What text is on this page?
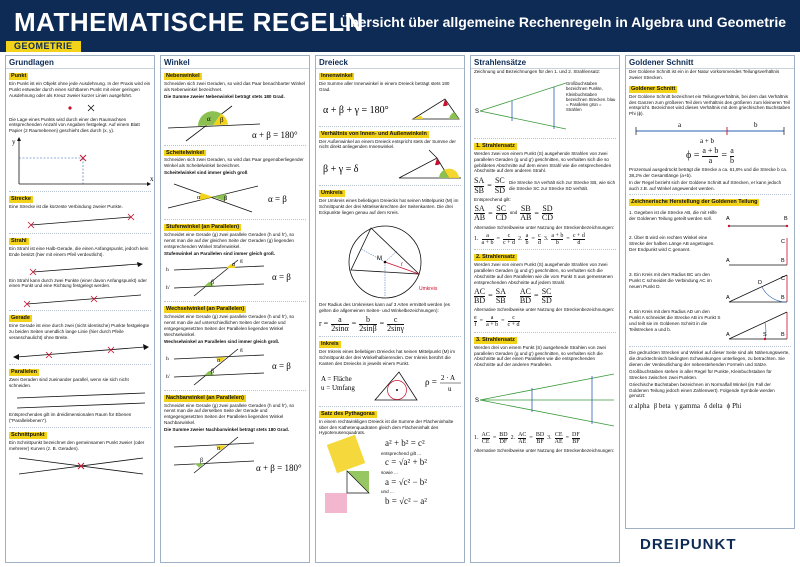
MATHEMATISCHE REGELN
Übersicht über allgemeine Rechenregeln in Algebra und Geometrie
GEOMETRIE
Grundlagen
Punkt

Ein Punkt ist ein Objekt ohne jede Ausdehnung. In der Praxis wird ein Punkt entweder durch einen sichtbaren Punkt mit einer geringen Ausdehnung oder als Kreuz zweier kurzer Linien ausgeführt.

Die Lage eines Punkts wird durch einer den Raumachsen entsprechenden Anzahl von Angaben festgelegt. Auf einem Blatt Papier (2 Raumebenen) geschieht dies durch (x, y).

x
y
Strecke

Eine Strecke ist die kürzeste Verbindung zweier Punkte.

Strahl

Ein Strahl ist eine Halb-Gerade, die einen Anfangspunkt, jedoch kein Ende besitzt (hier mit einem Pfeil verdeutlicht).

Ein Strahl kann durch zwei Punkte (einer davon Anfangspunkt) oder einen Punkt und eine Richtung festgelegt werden.

Gerade

Eine Gerade ist eine durch zwei (nicht identische) Punkte festgelegte zu beiden Seiten unendlich lange Linie (hier durch Pfeile veranschaulicht) ohne Breite.

Parallelen

Zwei Geraden sind zueinander parallel, wenn sie sich nicht schneiden.

Entsprechendes gilt im dreidimensionalen Raum für Ebenen ("Parallelebenen").

Schnittpunkt

Ein Schnittpunkt bezeichnet den gemeinsamen Punkt zweier (oder mehrerer) Kurven (z. B. Geraden).

Winkel
Nebenwinkel

Schneiden sich zwei Geraden, so wird das Paar benachbarter Winkel als Nebenwinkel bezeichnet.

Die Summe zweier Nebenwinkel beträgt stets 180 Grad.

β
α
α + β = 180°
Scheitelwinkel

Schneiden sich zwei Geraden, so wird das Paar gegenüberliegender Winkel als Scheitelwinkel bezeichnet.

Scheitelwinkel sind immer gleich groß

α	β	α = β
Stufenwinkel (an Parallelen)

Schneidet eine Gerade (g) zwei parallele Geraden (h und h'), so nennt man die auf der gleichen Seite der Geraden (g) liegenden entsprechenden Winkel Stufenwinkel.

Stufenwinkel an Parallelen sind immer gleich groß.

α
β
h
h'
g
α = β
Wechselwinkel (an Parallelen)

Schneidet eine Gerade (g) zwei parallele Geraden (h und h'), so nennt man die auf unterschiedlichen Seiten der Gerade und entgegengesetzten Seiten der Parallelen liegenden Winkel Wechselwinkel.

Wechselwinkel an Parallelen sind immer gleich groß.

α
β
h
h'
g
α = β
Nachbarwinkel (an Parallelen)

Schneidet eine Gerade (g) zwei parallele Geraden (h und h'), so nennt man die auf derselben Seite der Gerade und entgegengesetzten Seiten der Parallelen liegenden Winkel Nachbarwinkel.

Die Summe zweier Nachbarwinkel beträgt stets 180 Grad.

α
β
α + β = 180°
Dreieck
Innenwinkel

Die Summe aller Innenwinkel in einem Dreieck beträgt stets 180 Grad.

α + β + γ = 180°
Verhältnis von Innen- und Außenwinkeln

Der Außenwinkel an einem Dreieck entspricht stets der Summe der nicht direkt anliegenden Innenwinkel.

β + γ = δ
Umkreis

Der Umkreis eines beliebigen Dreiecks hat seinen Mittelpunkt (M) im Schnittpunkt der drei Mittelsenkrechten der Seitenkanten. Die drei Eckpunkte liegen genau auf dem Kreis.

M
r
Umkreis

Der Radius des Umkreises kann auf 3 Arten ermittelt werden (es gelten die allgemeinen Seiten- und Winkelbezeichnungen):

$r = \frac{a}{2\sin\alpha} = \frac{b}{2\sin\beta} = \frac{c}{2\sin\gamma}$
Inkreis

Der Inkreis eines beliebigen Dreiecks hat seinen Mittelpunkt (M) im Schnittpunkt der drei Winkelhalbierenden. Der Inkreis berührt die Kanten des Dreiecks in jeweils einem Punkt.

A = Fläche
u = Umfang
ρ = 2 · A
u
Satz des Pythagoras

In einem rechtwinkligen Dreieck ist die Summe der Flächeninhalte über den Kathetenquadraten gleich dem Flächeninhalt des Hypotenusenquadrats.

a² + b² = c²

entsprechend gilt ...

c = √a² + b²

sowie ...

a = √c² − b²

und ...

b = √c² − a²
Strahlensätze

Zeichnung und Bezeichnungen für den 1. und 2. Strahlensatz:

S
Großbuchstaben bezeichnen Punkte, Kleinbuchstaben bezeichnen Strecken. blau = Parallelen grün = Strahlen
1. Strahlensatz

Werden zwei von einem Punkt (S) ausgehende Strahlen von zwei parallelen Geraden (g und g') geschnitten, so verhalten sich die so gebildeten Abschnitte auf dem einen Strahl wie die entsprechenden Abschnitte auf dem anderen Strahl.

$\frac{SA}{SB} = \frac{SC}{SD}$ Die Strecke SA verhält sich zur Strecke SB, wie sich die Strecke SC zur Strecke SD verhält.

Entsprechend gilt:

$\frac{SA}{AB} = \frac{SC}{CD}$ und $\frac{SB}{AB} = \frac{SD}{CD}$

Alternative Schreibweise unter Nutzung der Streckenbezeichnungen:

1. $\frac{a}{a + b} = \frac{c}{c + d} 2$. $\frac{a}{b} = \frac{c}{d} 3$. $\frac{a + b}{b} = \frac{c + d}{d}$
2. Strahlensatz

Werden zwei von einem Punkt (S) ausgehende Strahlen von zwei parallelen Geraden (g und g') geschnitten, so verhalten sich die Abschnitte auf den Parallelen wie die vom Punkt S aus gemessenen entsprechenden Abschnitte auf jedem Strahl.

$\frac{AC}{BD} = \frac{SA}{SB} \frac{AC}{BD} = \frac{SC}{SD}$

Alternative Schreibweise unter Nutzung der Streckenbezeichnungen:

$\frac{e}{f} = \frac{a}{a + b} = \frac{c}{c + d}$
3. Strahlensatz

Werden drei von einem Punkt (S) ausgehende Strahlen von zwei parallelen Geraden (g und g') geschnitten, so verhalten sich die Abschnitte auf der einen Parallelen wie die entsprechenden Abschnitte auf der anderen Parallelen.

S
1. $\frac{AC}{CE} = \frac{BD}{DF} 2$. $\frac{AC}{AE} = \frac{BD}{BF} 3$. $\frac{CE}{AE} = \frac{DF}{BF}$

Alternative Schreibweise unter Nutzung der Streckenbezeichnungen:

Goldener Schnitt

Der Goldene Schnitt ist ein in der Natur vorkommendes Teilungsverhältnis zweier Strecken.

Goldener Schnitt

Der Goldene Schnitt bezeichnet ein Teilungsverhältnis, bei dem das Verhältnis des Ganzen zum größeren Teil dem Verhältnis des größeren zum kleineren Teil entspricht. Bezeichnet wird dieses Verhältnis mit dem griechischen Buchstaben Phi (ϕ).

a	b
a + b
$\phi = \frac{a + b}{a} = \frac{a}{b}$

Prozentual ausgedrückt beträgt die Strecke a ca. 61,8% und die Strecke b ca. 38,2% der Gesamtlänge (a+b).

In der Regel bezieht sich der Goldene Schnitt auf Strecken, er kann jedoch auch z.B. auf Winkel angewendet werden.

Zeichnerische Herstellung der Goldenen Teilung

1. Gegeben ist die Strecke AB, die mit Hilfe der Goldenen Teilung geteilt werden soll.	A	B

2. Über B wird ein rechten Winkel eine Strecke der halben Länge AB angetragen. Der Endpunkt wird C genannt.

A	B
C

3. Ein Kreis mit dem Radius BC um den Punkt C schneidet die Verbindung AC im neuen Punkt D.

A	B
C
D

4. Ein Kreis mit dem Radius AD um den Punkt A schneidet die Strecke AB im Punkt S und teilt sie im Goldenen Schnitt in die Teilstrecken a und b.

A	B
S

Die gedruckten Strecken und Winkel auf dieser Seite sind als Näherungswerte, die drucktechnisch bedingten Schwankungen unterliegen, zu betrachten. Sie dienen der Verdeutlichung der nebenstehenden Formeln und Sätze.

Großbuchstaben stehen in aller Regel für Punkte, Kleinbuchstaben für Strecken zwischen zwei Punkten.

Griechische Buchstaben bezeichnen im Normalfall Winkel (im Fall der Goldenen Teilung jedoch einen Zahlenwert). Folgende Symbole werden genutzt:

α alpha β beta γ gamma δ delta ϕ Phi
DREIPUNKT
